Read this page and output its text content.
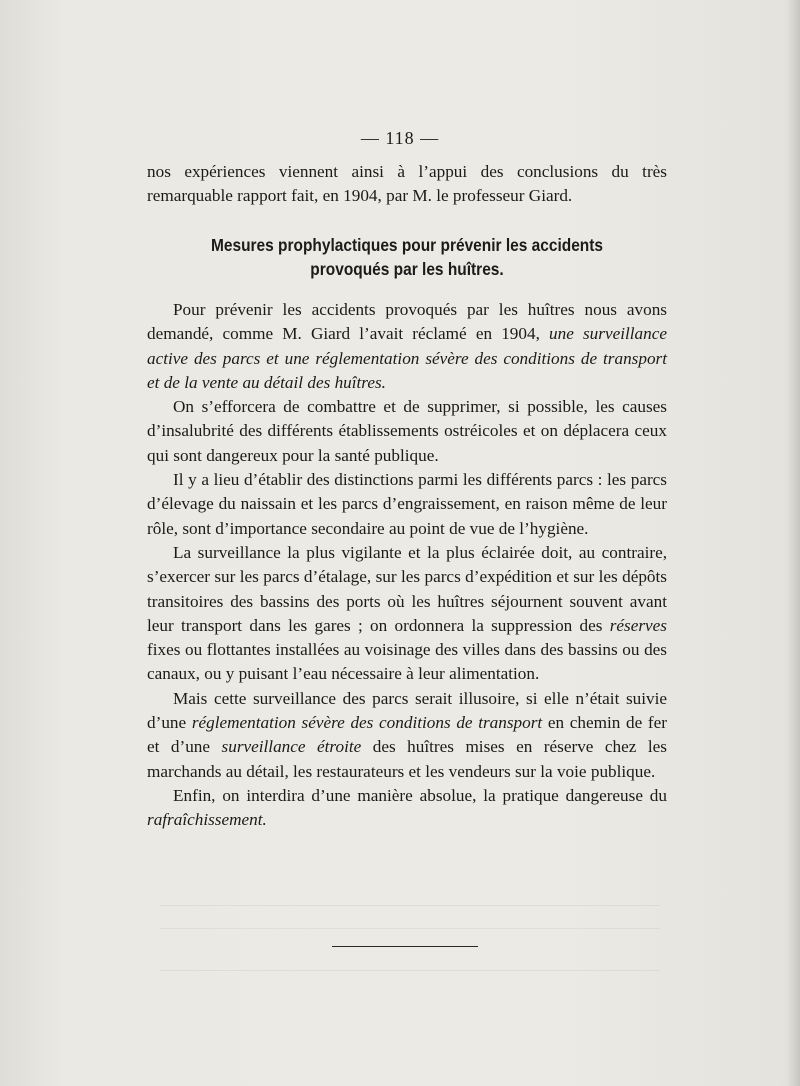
— 118 —

nos expériences viennent ainsi à l’appui des conclusions du très remarquable rapport fait, en 1904, par M. le professeur Giard.

Mesures prophylactiques pour prévenir les accidents provoqués par les huîtres.

Pour prévenir les accidents provoqués par les huîtres nous avons demandé, comme M. Giard l’avait réclamé en 1904, une surveillance active des parcs et une réglementation sévère des conditions de transport et de la vente au détail des huîtres.

On s’efforcera de combattre et de supprimer, si possible, les causes d’insalubrité des différents établissements ostréicoles et on déplacera ceux qui sont dangereux pour la santé publique.

Il y a lieu d’établir des distinctions parmi les différents parcs : les parcs d’élevage du naissain et les parcs d’engraissement, en raison même de leur rôle, sont d’importance secondaire au point de vue de l’hygiène.

La surveillance la plus vigilante et la plus éclairée doit, au contraire, s’exercer sur les parcs d’étalage, sur les parcs d’expédition et sur les dépôts transitoires des bassins des ports où les huîtres séjournent souvent avant leur transport dans les gares ; on ordonnera la suppression des réserves fixes ou flottantes installées au voisinage des villes dans des bassins ou des canaux, ou y puisant l’eau nécessaire à leur alimentation.

Mais cette surveillance des parcs serait illusoire, si elle n’était suivie d’une réglementation sévère des conditions de transport en chemin de fer et d’une surveillance étroite des huîtres mises en réserve chez les marchands au détail, les restaurateurs et les vendeurs sur la voie publique.

Enfin, on interdira d’une manière absolue, la pratique dangereuse du rafraîchissement.
